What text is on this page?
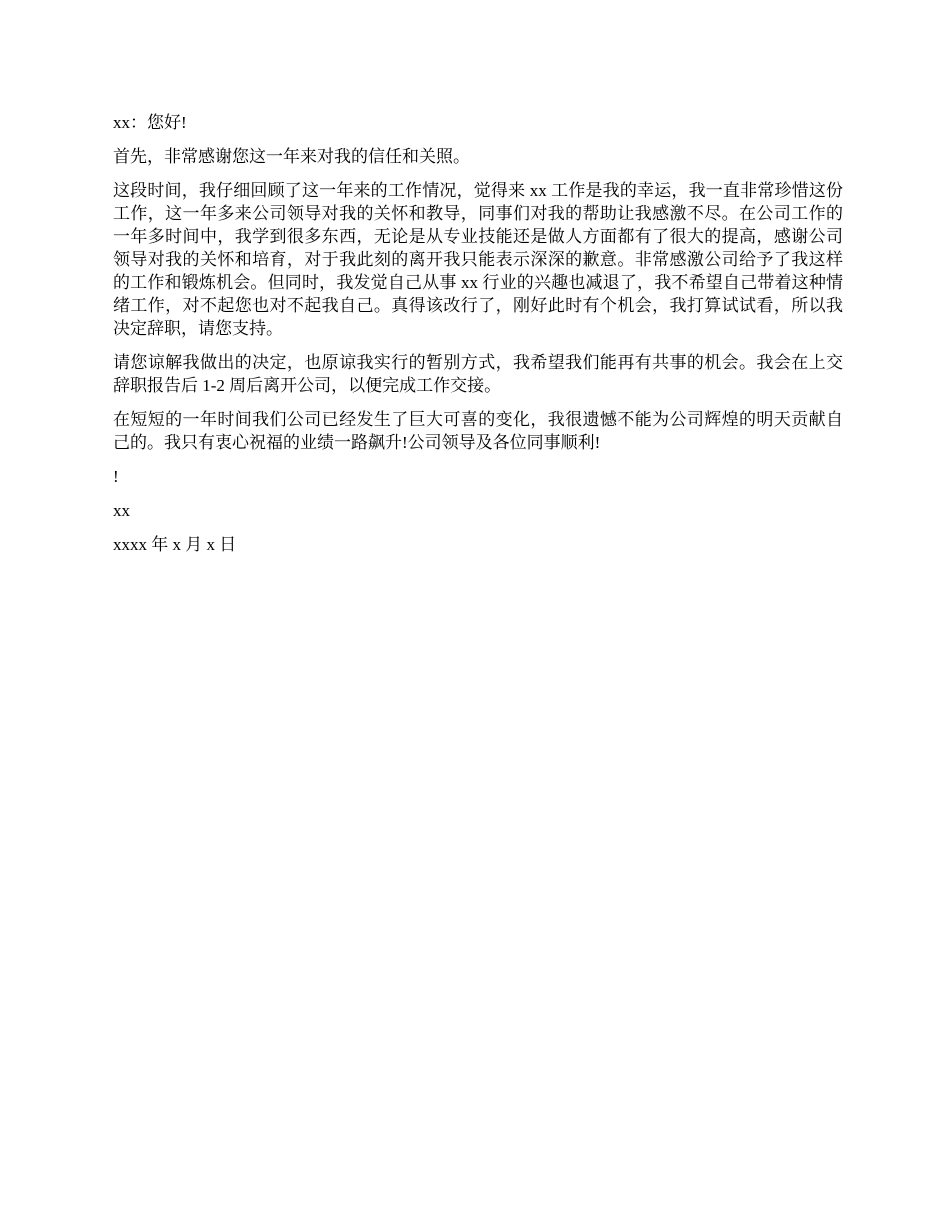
xx：您好!

首先，非常感谢您这一年来对我的信任和关照。

这段时间，我仔细回顾了这一年来的工作情况，觉得来 xx 工作是我的幸运，我一直非常珍惜这份工作，这一年多来公司领导对我的关怀和教导，同事们对我的帮助让我感激不尽。在公司工作的一年多时间中，我学到很多东西，无论是从专业技能还是做人方面都有了很大的提高，感谢公司领导对我的关怀和培育，对于我此刻的离开我只能表示深深的歉意。非常感激公司给予了我这样的工作和锻炼机会。但同时，我发觉自己从事 xx 行业的兴趣也减退了，我不希望自己带着这种情绪工作，对不起您也对不起我自己。真得该改行了，刚好此时有个机会，我打算试试看，所以我决定辞职，请您支持。

请您谅解我做出的决定，也原谅我实行的暂别方式，我希望我们能再有共事的机会。我会在上交辞职报告后 1-2 周后离开公司，以便完成工作交接。

在短短的一年时间我们公司已经发生了巨大可喜的变化，我很遗憾不能为公司辉煌的明天贡献自己的。我只有衷心祝福的业绩一路飙升!公司领导及各位同事顺利!

!

xx

xxxx 年 x 月 x 日
